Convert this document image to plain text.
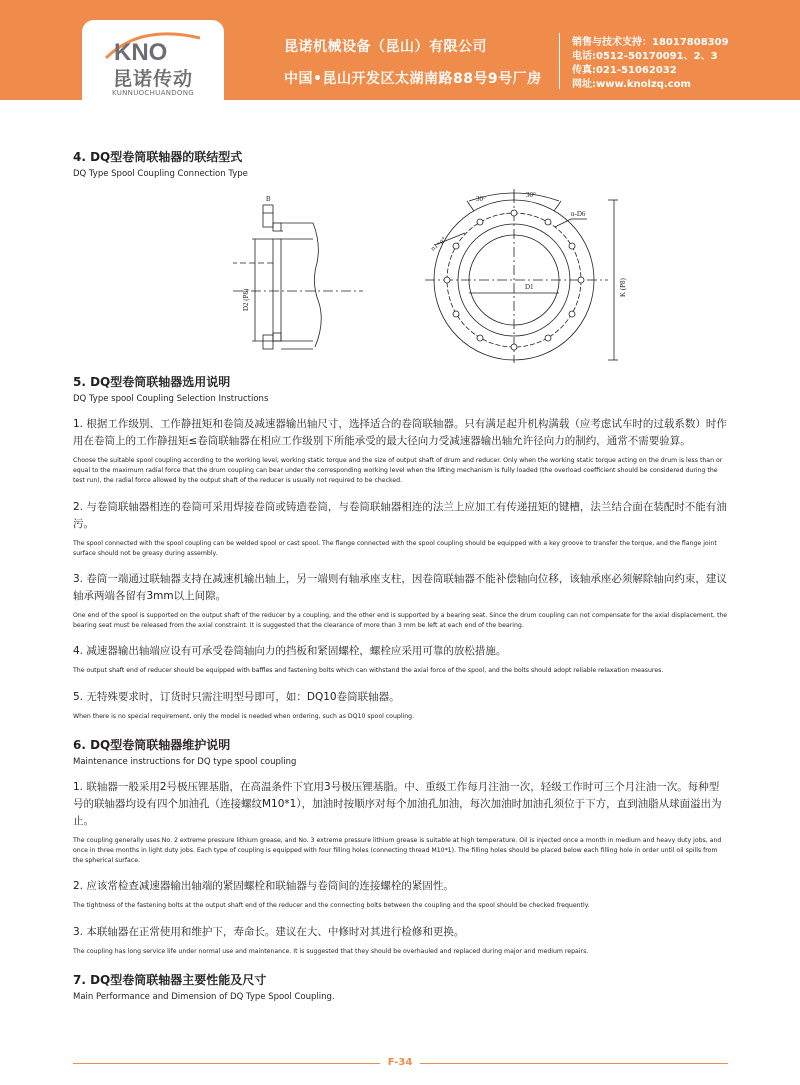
KNO
昆诺传动
KUNNUOCHUANDONG
昆诺机械设备（昆山）有限公司
中国•昆山开发区太湖南路88号9号厂房
销售与技术支持：18017808309
电话:0512-50170091、2、3
传真:021-51062032
网址:www.knolzq.com
4. DQ型卷筒联轴器的联结型式
DQ Type Spool Coupling Connection Type
B
D2 (P8)
30°	30°
n1×α°
n-D6
D1	K (P8)
5. DQ型卷筒联轴器选用说明
DQ Type spool Coupling Selection Instructions
1. 根据工作级别、工作静扭矩和卷筒及减速器输出轴尺寸，选择适合的卷筒联轴器。只有满足起升机构满载（应考虑试车时的过载系数）时作用在卷筒上的工作静扭矩≤卷筒联轴器在相应工作级别下所能承受的最大径向力受减速器输出轴允许径向力的制约，通常不需要验算。
Choose the suitable spool coupling according to the working level, working static torque and the size of output shaft of drum and reducer. Only when the working static torque acting on the drum is less than or equal to the maximum radial force that the drum coupling can bear under the corresponding working level when the lifting mechanism is fully loaded (the overload coefficient should be considered during the test run), the radial force allowed by the output shaft of the reducer is usually not required to be checked.
2. 与卷筒联轴器相连的卷筒可采用焊接卷筒或铸造卷筒，与卷筒联轴器相连的法兰上应加工有传递扭矩的键槽，法兰结合面在装配时不能有油污。
The spool connected with the spool coupling can be welded spool or cast spool. The flange connected with the spool coupling should be equipped with a key groove to transfer the torque, and the flange joint surface should not be greasy during assembly.
3. 卷筒一端通过联轴器支持在减速机输出轴上，另一端则有轴承座支柱，因卷筒联轴器不能补偿轴向位移，该轴承座必须解除轴向约束，建议轴承两端各留有3mm以上间隙。
One end of the spool is supported on the output shaft of the reducer by a coupling, and the other end is supported by a bearing seat. Since the drum coupling can not compensate for the axial displacement, the bearing seat must be released from the axial constraint. It is suggested that the clearance of more than 3 mm be left at each end of the bearing.
4. 减速器输出轴端应设有可承受卷筒轴向力的挡板和紧固螺栓，螺栓应采用可靠的放松措施。
The output shaft end of reducer should be equipped with baffles and fastening bolts which can withstand the axial force of the spool, and the bolts should adopt reliable relaxation measures.
5. 无特殊要求时，订货时只需注明型号即可，如：DQ10卷筒联轴器。
When there is no special requirement, only the model is needed when ordering, such as DQ10 spool coupling.
6. DQ型卷筒联轴器维护说明
Maintenance instructions for DQ type spool coupling
1. 联轴器一般采用2号极压锂基脂，在高温条件下宜用3号极压锂基脂。中、重级工作每月注油一次，轻级工作时可三个月注油一次。每种型号的联轴器均设有四个加油孔（连接螺纹M10*1），加油时按顺序对每个加油孔加油，每次加油时加油孔须位于下方，直到油脂从球面溢出为止。
The coupling generally uses No. 2 extreme pressure lithium grease, and No. 3 extreme pressure lithium grease is suitable at high temperature. Oil is injected once a month in medium and heavy duty jobs, and once in three months in light duty jobs. Each type of coupling is equipped with four filling holes (connecting thread M10*1). The filling holes should be placed below each filling hole in order until oil spills from the spherical surface.
2. 应该常检查减速器输出轴端的紧固螺栓和联轴器与卷筒间的连接螺栓的紧固性。
The tightness of the fastening bolts at the output shaft end of the reducer and the connecting bolts between the coupling and the spool should be checked frequently.
3. 本联轴器在正常使用和维护下，寿命长。建议在大、中修时对其进行检修和更换。
The coupling has long service life under normal use and maintenance. It is suggested that they should be overhauled and replaced during major and medium repairs.
7. DQ型卷筒联轴器主要性能及尺寸
Main Performance and Dimension of DQ Type Spool Coupling.
F-34
